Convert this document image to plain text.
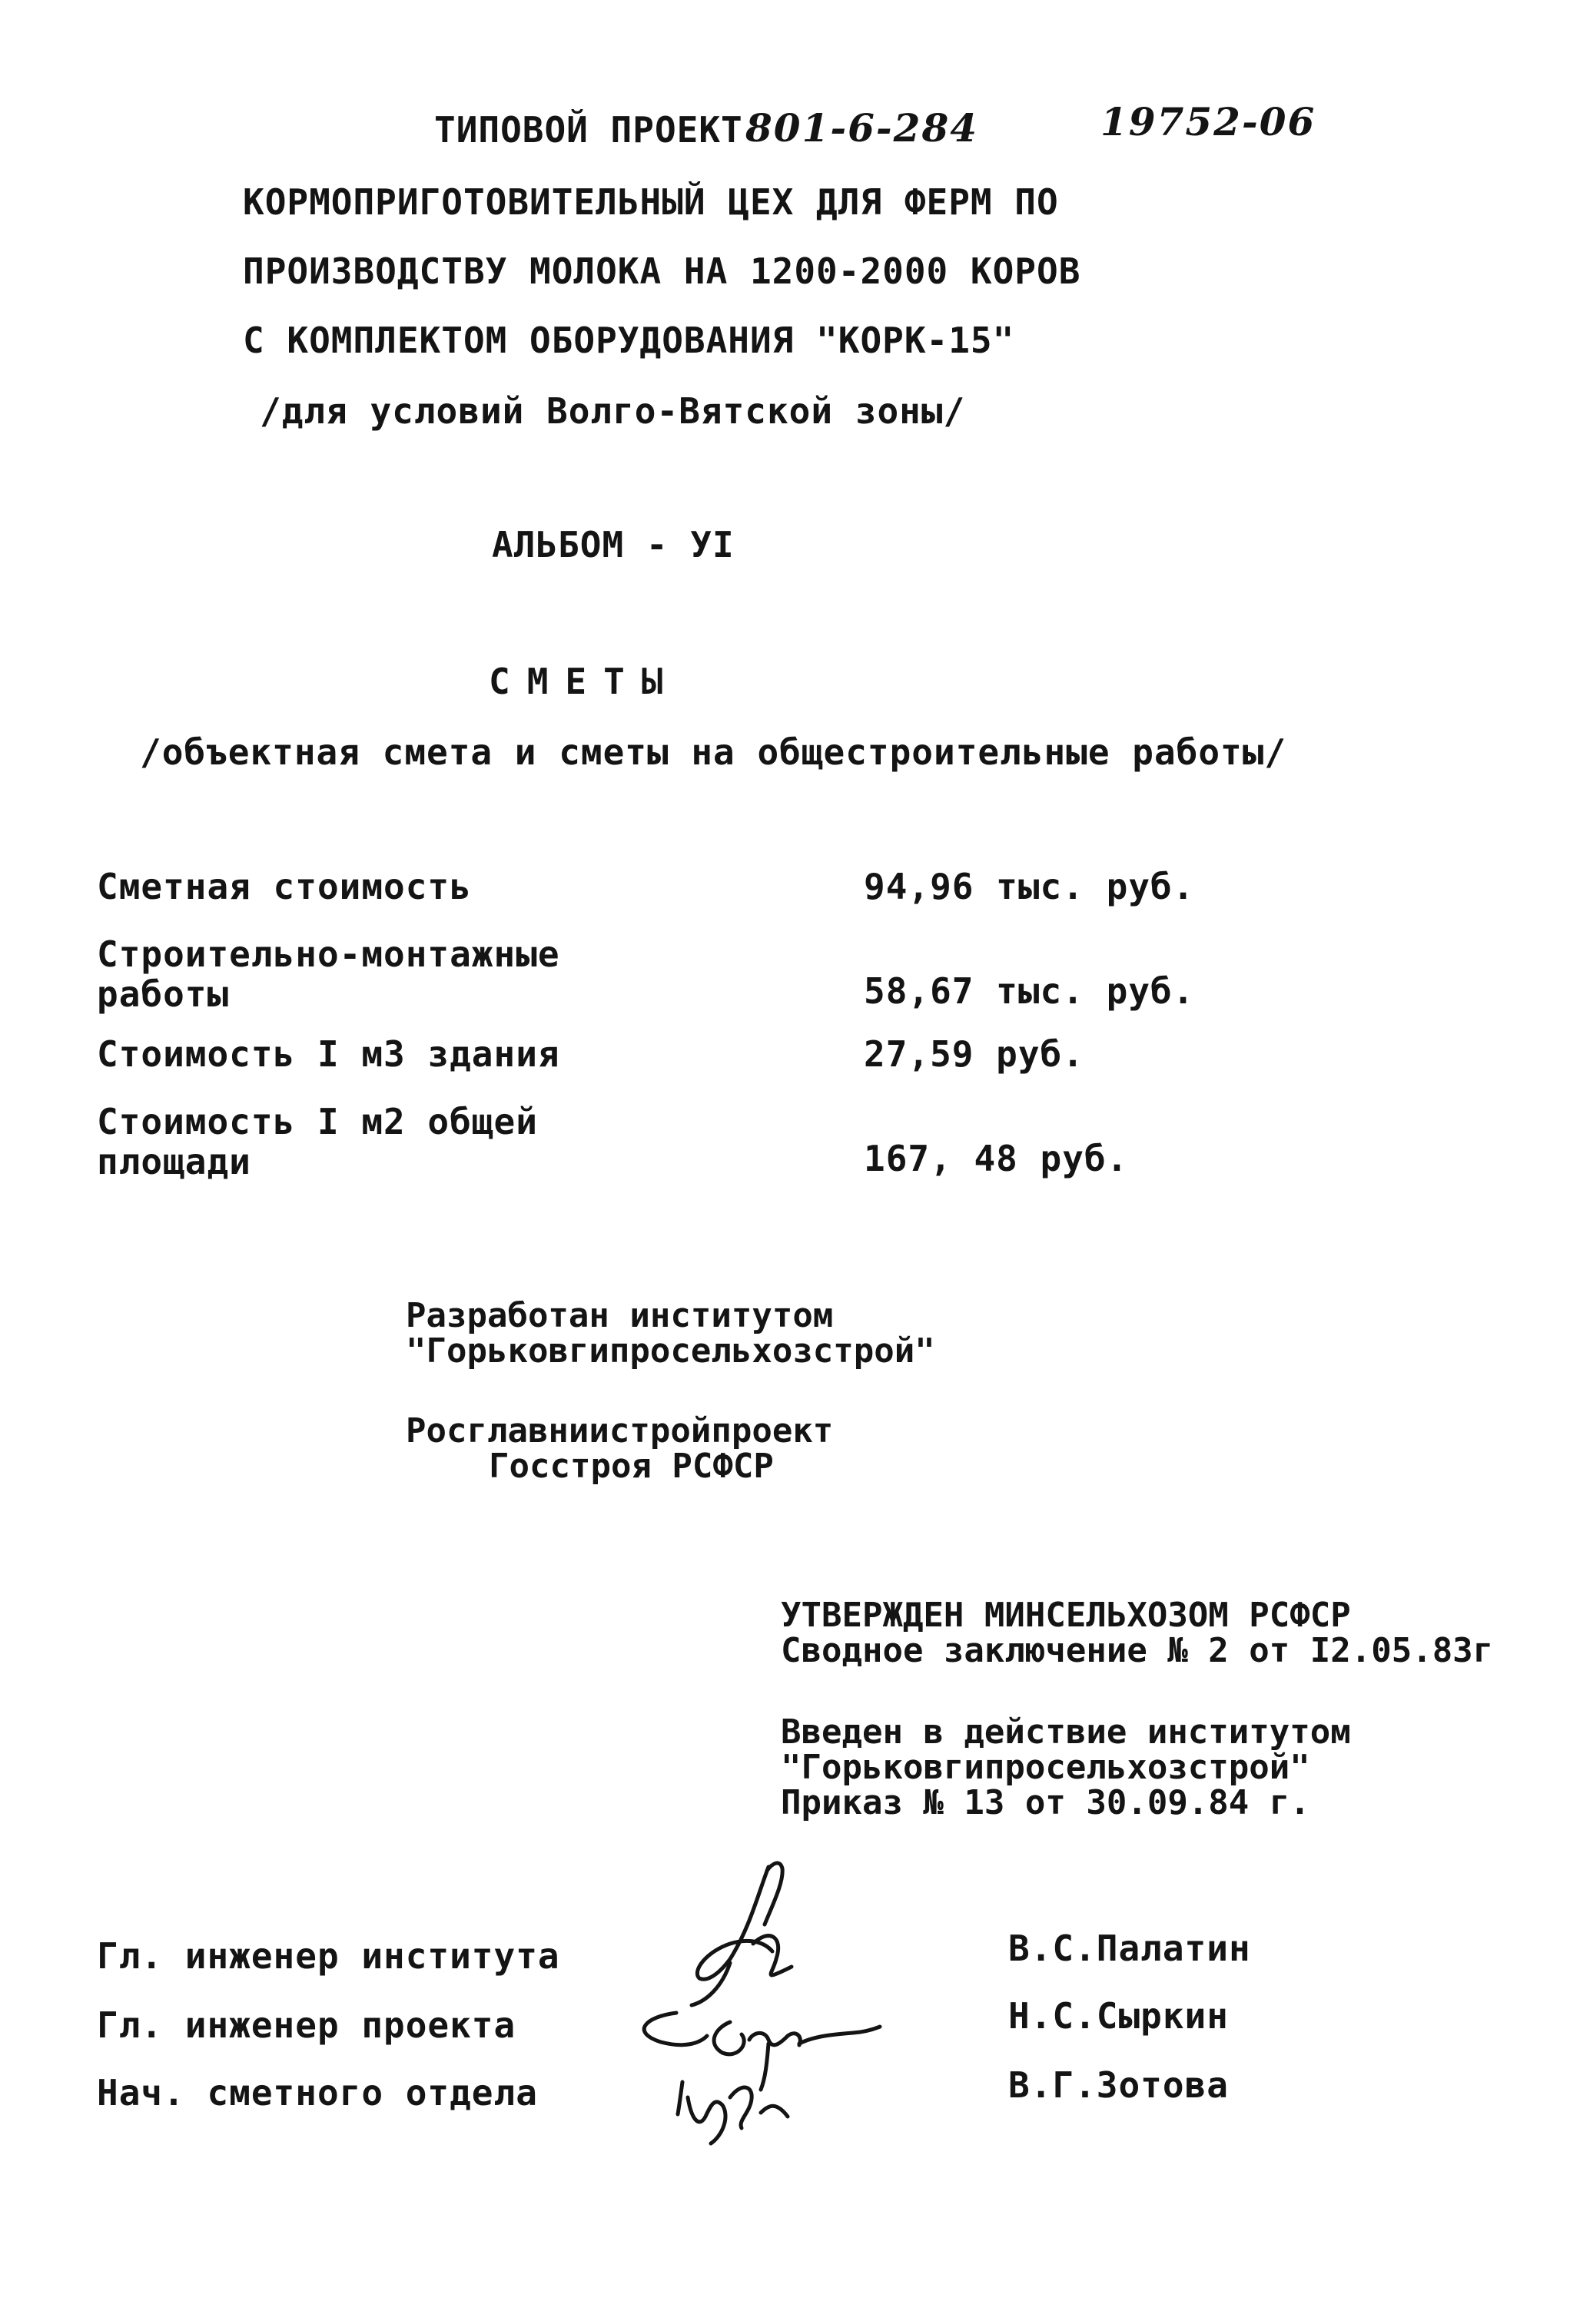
ТИПОВОЙ ПРОЕКТ 801-6-284	19752-06
КОРМОПРИГОТОВИТЕЛЬНЫЙ ЦЕХ ДЛЯ ФЕРМ ПО
ПРОИЗВОДСТВУ МОЛОКА НА 1200-2000 КОРОВ
С КОМПЛЕКТОМ ОБОРУДОВАНИЯ "КОРК-15"
/для условий Волго-Вятской зоны/
АЛЬБОМ - УI
СМЕТЫ
/объектная смета и сметы на общестроительные работы/
Сметная стоимость	94,96 тыс. руб.
Строительно-монтажные
работы	58,67 тыс. руб.
Стоимость I м3 здания	27,59 руб.
Стоимость I м2 общей
площади	167, 48 руб.
Разработан институтом
"Горьковгипросельхозстрой"
Росглавниистройпроект
Госстроя РСФСР
УТВЕРЖДЕН МИНСЕЛЬХОЗОМ РСФСР
Сводное заключение № 2 от I2.05.83г
Введен в действие институтом
"Горьковгипросельхозстрой"
Приказ № 13 от 30.09.84 г.
Гл. инженер института	В.С.Палатин
Гл. инженер проекта	Н.С.Сыркин
Нач. сметного отдела	В.Г.Зотова
